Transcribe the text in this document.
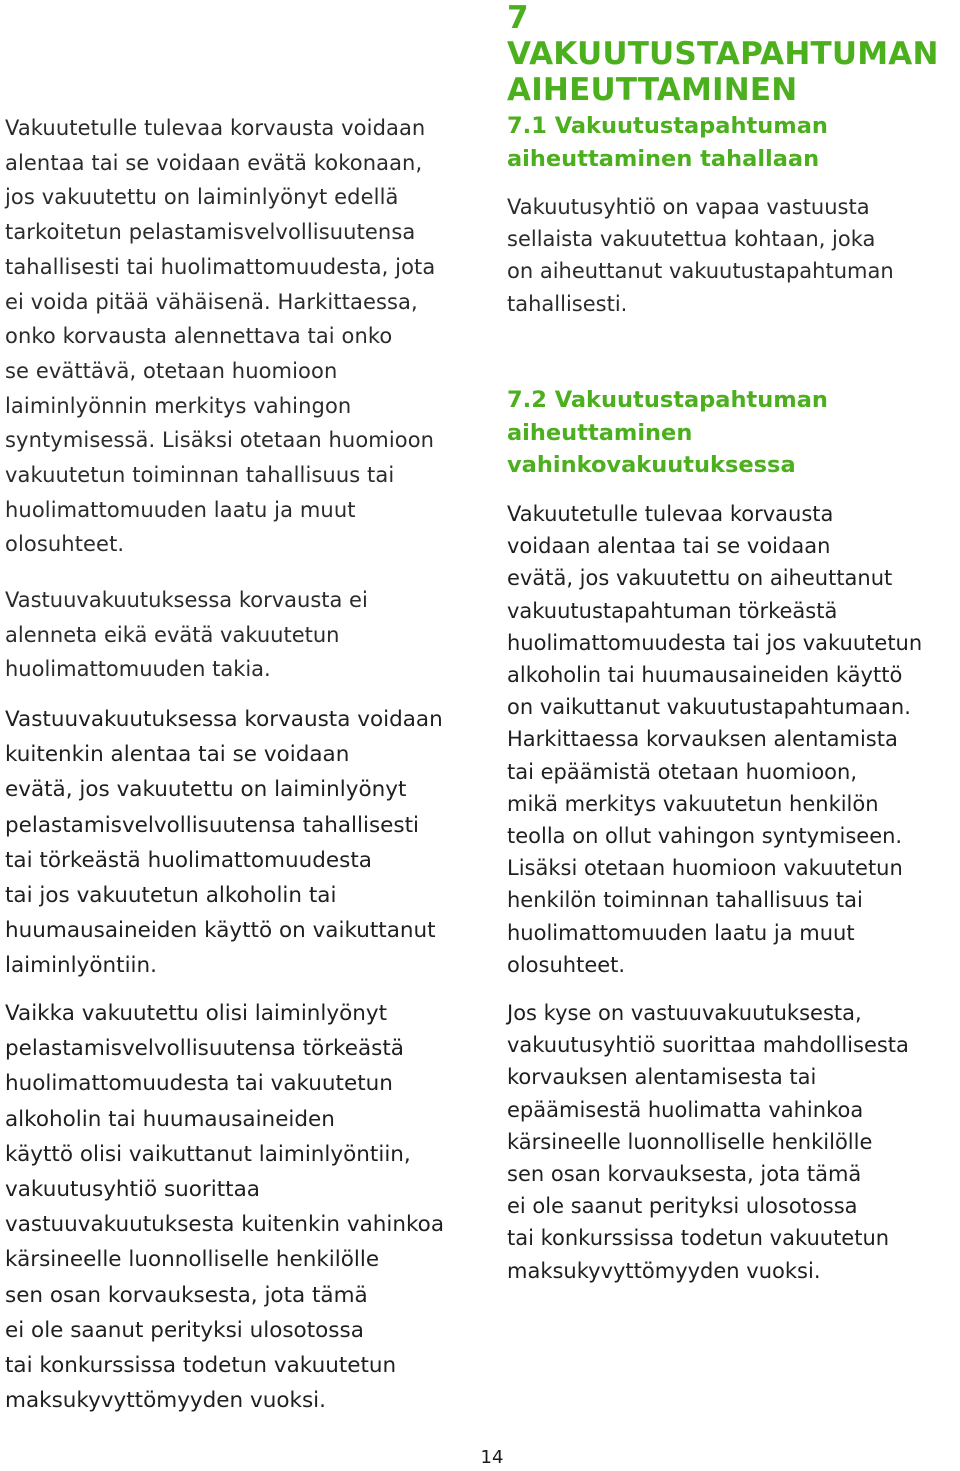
Vakuutetulle tulevaa korvausta voidaan
alentaa tai se voidaan evätä kokonaan,
jos vakuutettu on laiminlyönyt edellä
tarkoitetun pelastamisvelvollisuutensa
tahallisesti tai huolimattomuudesta, jota
ei voida pitää vähäisenä. Harkittaessa,
onko korvausta alennettava tai onko
se evättävä, otetaan huomioon
laiminlyönnin merkitys vahingon
syntymisessä. Lisäksi otetaan huomioon
vakuutetun toiminnan tahallisuus tai
huolimattomuuden laatu ja muut
olosuhteet.

Vastuuvakuutuksessa korvausta ei
alenneta eikä evätä vakuutetun
huolimattomuuden takia.

Vastuuvakuutuksessa korvausta voidaan
kuitenkin alentaa tai se voidaan
evätä, jos vakuutettu on laiminlyönyt
pelastamisvelvollisuutensa tahallisesti
tai törkeästä huolimattomuudesta
tai jos vakuutetun alkoholin tai
huumausaineiden käyttö on vaikuttanut
laiminlyöntiin.

Vaikka vakuutettu olisi laiminlyönyt
pelastamisvelvollisuutensa törkeästä
huolimattomuudesta tai vakuutetun
alkoholin tai huumausaineiden
käyttö olisi vaikuttanut laiminlyöntiin,
vakuutusyhtiö suorittaa
vastuuvakuutuksesta kuitenkin vahinkoa
kärsineelle luonnolliselle henkilölle
sen osan korvauksesta, jota tämä
ei ole saanut perityksi ulosotossa
tai konkurssissa todetun vakuutetun
maksukyvyttömyyden vuoksi.

7 VAKUUTUSTAPAHTUMAN
AIHEUTTAMINEN
7.1 Vakuutustapahtuman
aiheuttaminen tahallaan

Vakuutusyhtiö on vapaa vastuusta
sellaista vakuutettua kohtaan, joka
on aiheuttanut vakuutustapahtuman
tahallisesti.

7.2 Vakuutustapahtuman
aiheuttaminen
vahinkovakuutuksessa

Vakuutetulle tulevaa korvausta
voidaan alentaa tai se voidaan
evätä, jos vakuutettu on aiheuttanut
vakuutustapahtuman törkeästä
huolimattomuudesta tai jos vakuutetun
alkoholin tai huumausaineiden käyttö
on vaikuttanut vakuutustapahtumaan.
Harkittaessa korvauksen alentamista
tai epäämistä otetaan huomioon,
mikä merkitys vakuutetun henkilön
teolla on ollut vahingon syntymiseen.
Lisäksi otetaan huomioon vakuutetun
henkilön toiminnan tahallisuus tai
huolimattomuuden laatu ja muut
olosuhteet.

Jos kyse on vastuuvakuutuksesta,
vakuutusyhtiö suorittaa mahdollisesta
korvauksen alentamisesta tai
epäämisestä huolimatta vahinkoa
kärsineelle luonnolliselle henkilölle
sen osan korvauksesta, jota tämä
ei ole saanut perityksi ulosotossa
tai konkurssissa todetun vakuutetun
maksukyvyttömyyden vuoksi.

14
